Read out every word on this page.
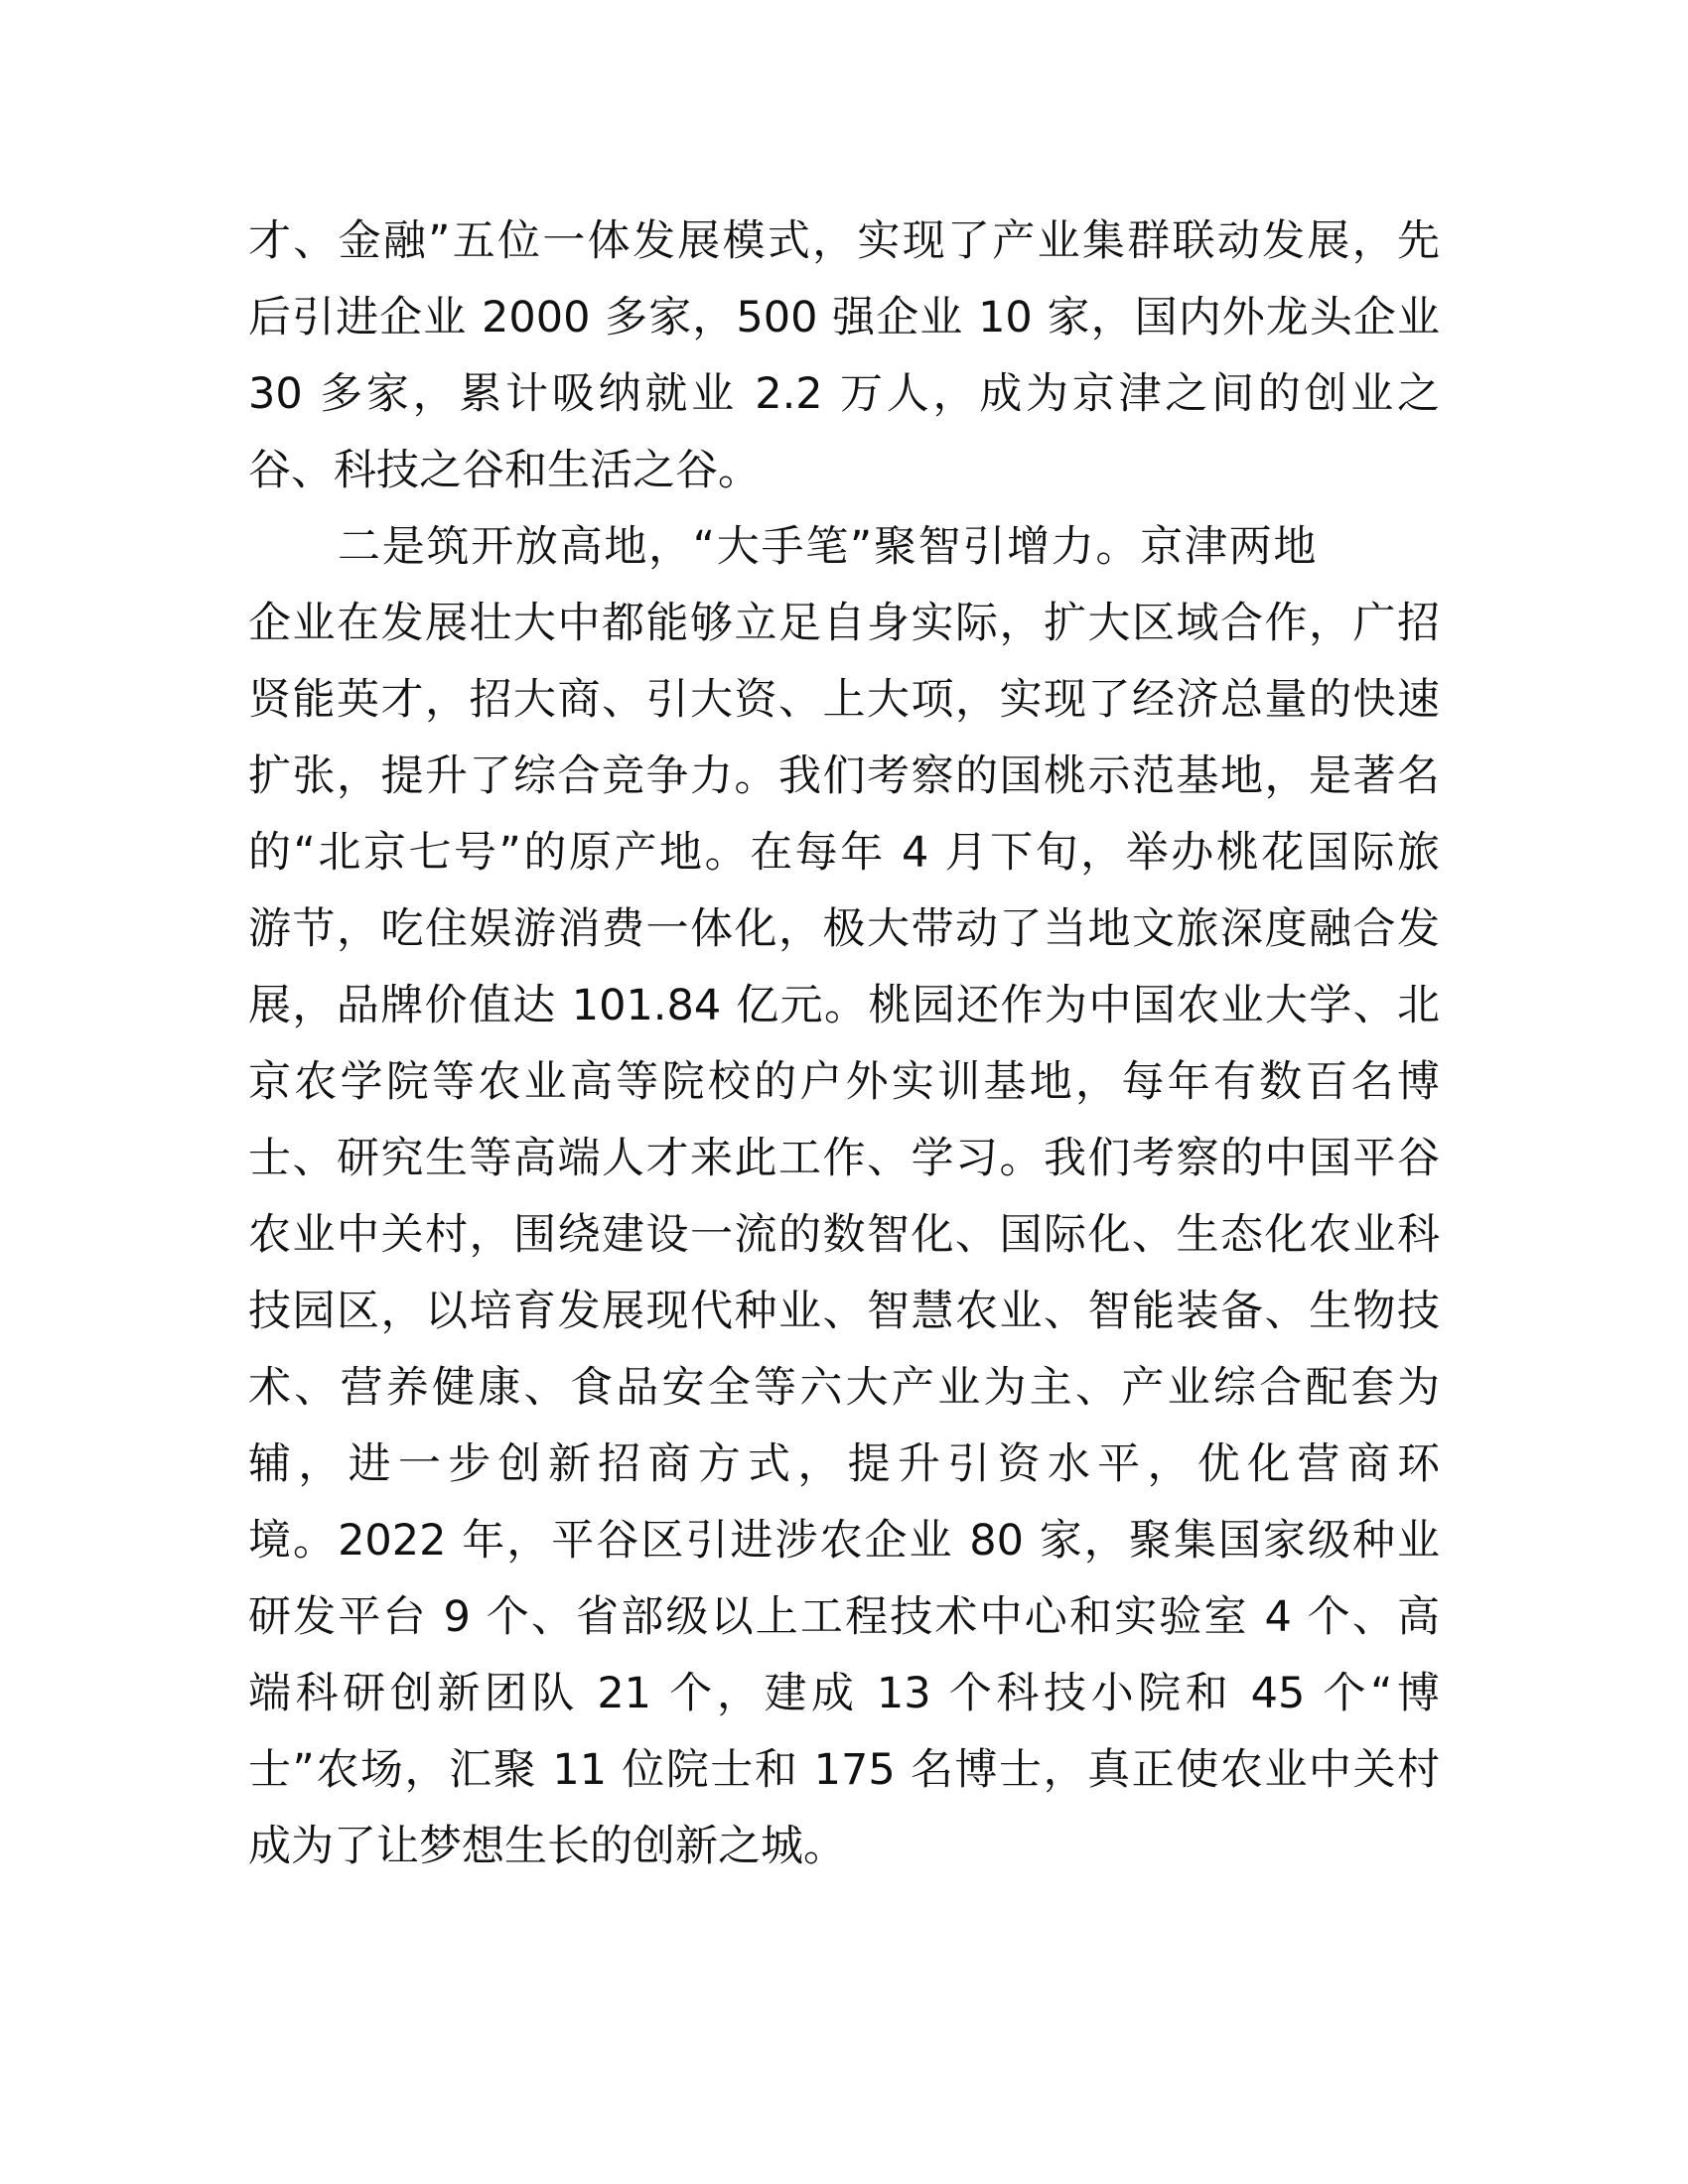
才、金融”五位一体发展模式，实现了产业集群联动发展，先
后引进企业 2000 多家，500 强企业 10 家，国内外龙头企业
30 多家，累计吸纳就业 2.2 万人，成为京津之间的创业之
谷、科技之谷和生活之谷。
二是筑开放高地，“大手笔”聚智引增力。京津两地
企业在发展壮大中都能够立足自身实际，扩大区域合作，广招
贤能英才，招大商、引大资、上大项，实现了经济总量的快速
扩张，提升了综合竞争力。我们考察的国桃示范基地，是著名
的“北京七号”的原产地。在每年 4 月下旬，举办桃花国际旅
游节，吃住娱游消费一体化，极大带动了当地文旅深度融合发
展，品牌价值达 101.84 亿元。桃园还作为中国农业大学、北
京农学院等农业高等院校的户外实训基地，每年有数百名博
士、研究生等高端人才来此工作、学习。我们考察的中国平谷
农业中关村，围绕建设一流的数智化、国际化、生态化农业科
技园区，以培育发展现代种业、智慧农业、智能装备、生物技
术、营养健康、食品安全等六大产业为主、产业综合配套为
辅，进一步创新招商方式，提升引资水平，优化营商环
境。2022 年，平谷区引进涉农企业 80 家，聚集国家级种业
研发平台 9 个、省部级以上工程技术中心和实验室 4 个、高
端科研创新团队 21 个，建成 13 个科技小院和 45 个“博
士”农场，汇聚 11 位院士和 175 名博士，真正使农业中关村
成为了让梦想生长的创新之城。
